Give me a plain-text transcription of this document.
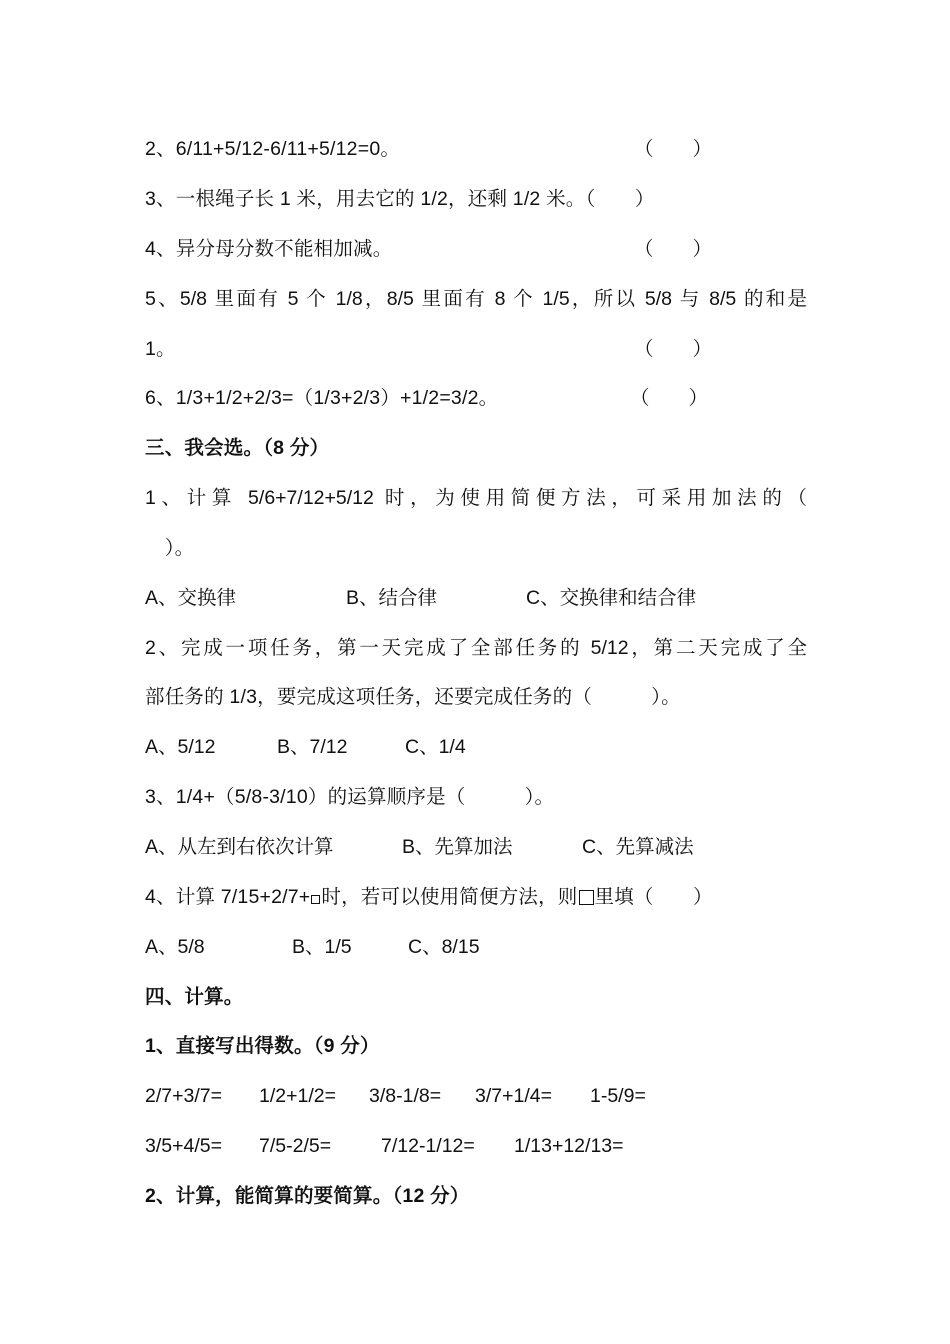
2、6/11+5/12-6/11+5/12=0。	（　　）
3、一根绳子长 1 米，用去它的 1/2，还剩 1/2 米。（　　）
4、异分母分数不能相加减。	（　　）
5、5/8 里面有 5 个 1/8，8/5 里面有 8 个 1/5，所以 5/8 与 8/5 的和是
1。	（　　）
6、1/3+1/2+2/3=（1/3+2/3）+1/2=3/2。	（　　）
三、我会选。（8 分）
1、计算 5/6+7/12+5/12 时，为使用简便方法，可采用加法的（
　）。
A、交换律	B、结合律	C、交换律和结合律
2、完成一项任务，第一天完成了全部任务的 5/12，第二天完成了全
部任务的 1/3，要完成这项任务，还要完成任务的（　　　）。
A、5/12	B、7/12	C、1/4
3、1/4+（5/8-3/10）的运算顺序是（　　　）。
A、从左到右依次计算	B、先算加法	C、先算减法
4、计算 7/15+2/7+ 时，若可以使用简便方法，则 里填（　　）
A、5/8	B、1/5	C、8/15
四、计算。
1、直接写出得数。（9 分）
2/7+3/7= 1/2+1/2= 3/8-1/8= 3/7+1/4= 1-5/9=
3/5+4/5= 7/5-2/5=	7/12-1/12= 1/13+12/13=
2、计算，能简算的要简算。（12 分）
